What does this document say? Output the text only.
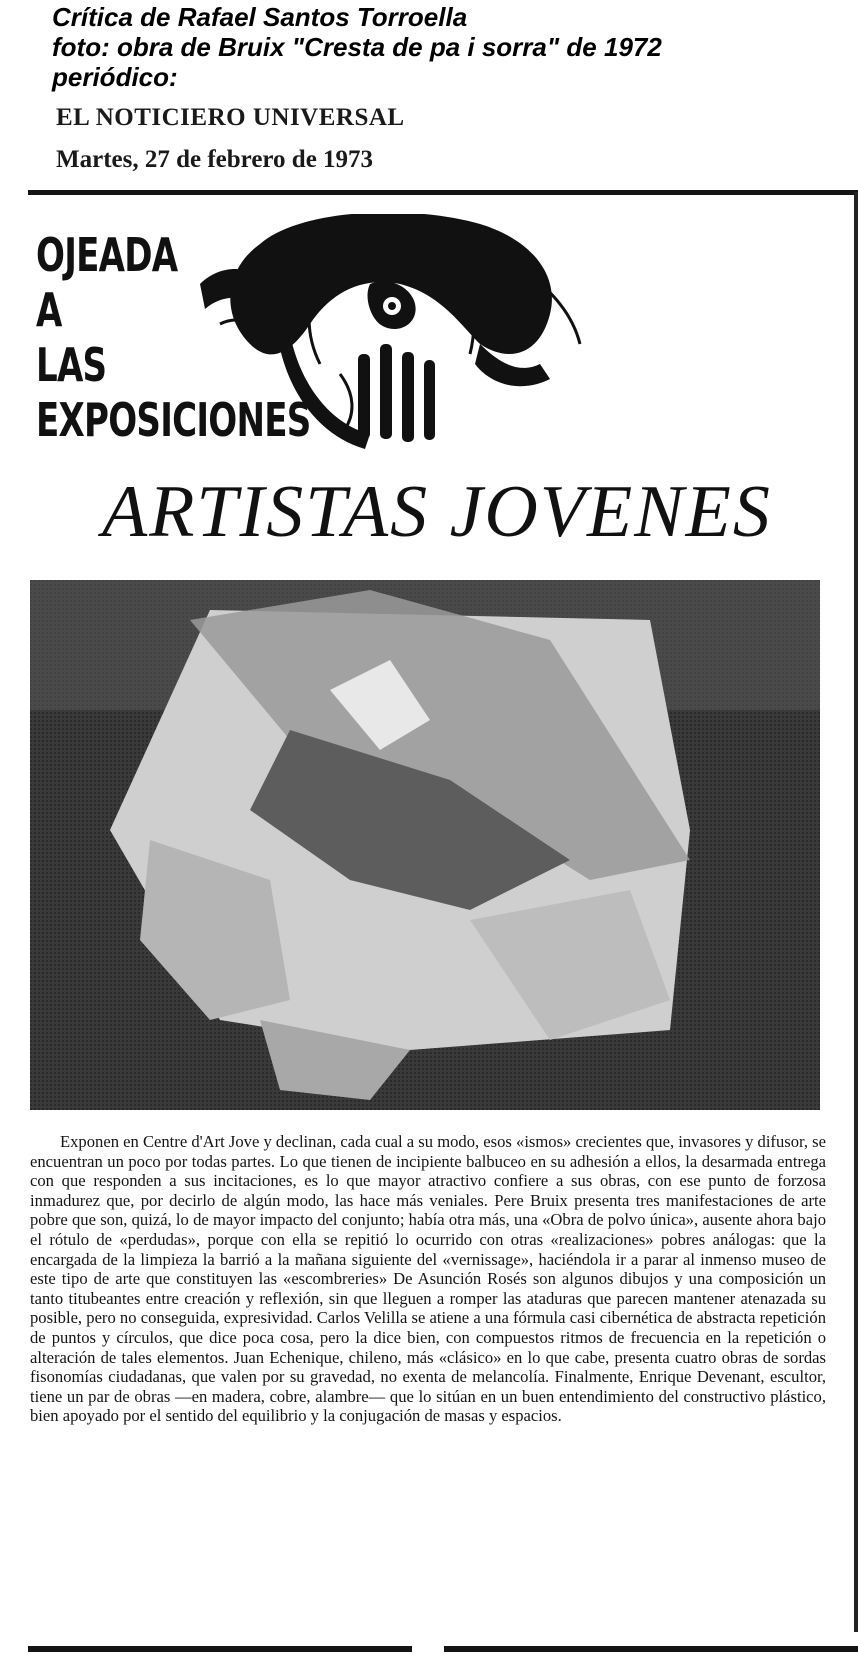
Crítica de Rafael Santos Torroella
foto: obra de Bruix "Cresta de pa i sorra" de 1972
periódico:
EL NOTICIERO UNIVERSAL
Martes, 27 de febrero de 1973
OJEADA
A
LAS
EXPOSICIONES
ARTISTAS JOVENES

Exponen en Centre d'Art Jove y declinan, cada cual a su modo, esos «ismos» crecientes que, invasores y difusor, se encuentran un poco por todas partes. Lo que tienen de incipiente balbuceo en su adhesión a ellos, la desarmada entrega con que responden a sus incitaciones, es lo que mayor atractivo confiere a sus obras, con ese punto de forzosa inmadurez que, por decirlo de algún modo, las hace más veniales. Pere Bruix presenta tres manifestaciones de arte pobre que son, quizá, lo de mayor impacto del conjunto; había otra más, una «Obra de polvo única», ausente ahora bajo el rótulo de «perdudas», porque con ella se repitió lo ocurrido con otras «realizaciones» pobres análogas: que la encargada de la limpieza la barrió a la mañana siguiente del «vernissage», haciéndola ir a parar al inmenso museo de este tipo de arte que constituyen las «escombreries» De Asunción Rosés son algunos dibujos y una composición un tanto titubeantes entre creación y reflexión, sin que lleguen a romper las ataduras que parecen mantener atenazada su posible, pero no conseguida, expresividad. Carlos Velilla se atiene a una fórmula casi cibernética de abstracta repetición de puntos y círculos, que dice poca cosa, pero la dice bien, con compuestos ritmos de frecuencia en la repetición o alteración de tales elementos. Juan Echenique, chileno, más «clásico» en lo que cabe, presenta cuatro obras de sordas fisonomías ciudadanas, que valen por su gravedad, no exenta de melancolía. Finalmente, Enrique Devenant, escultor, tiene un par de obras —en madera, cobre, alambre— que lo sitúan en un buen entendimiento del constructivo plástico, bien apoyado por el sentido del equilibrio y la conjugación de masas y espacios.
